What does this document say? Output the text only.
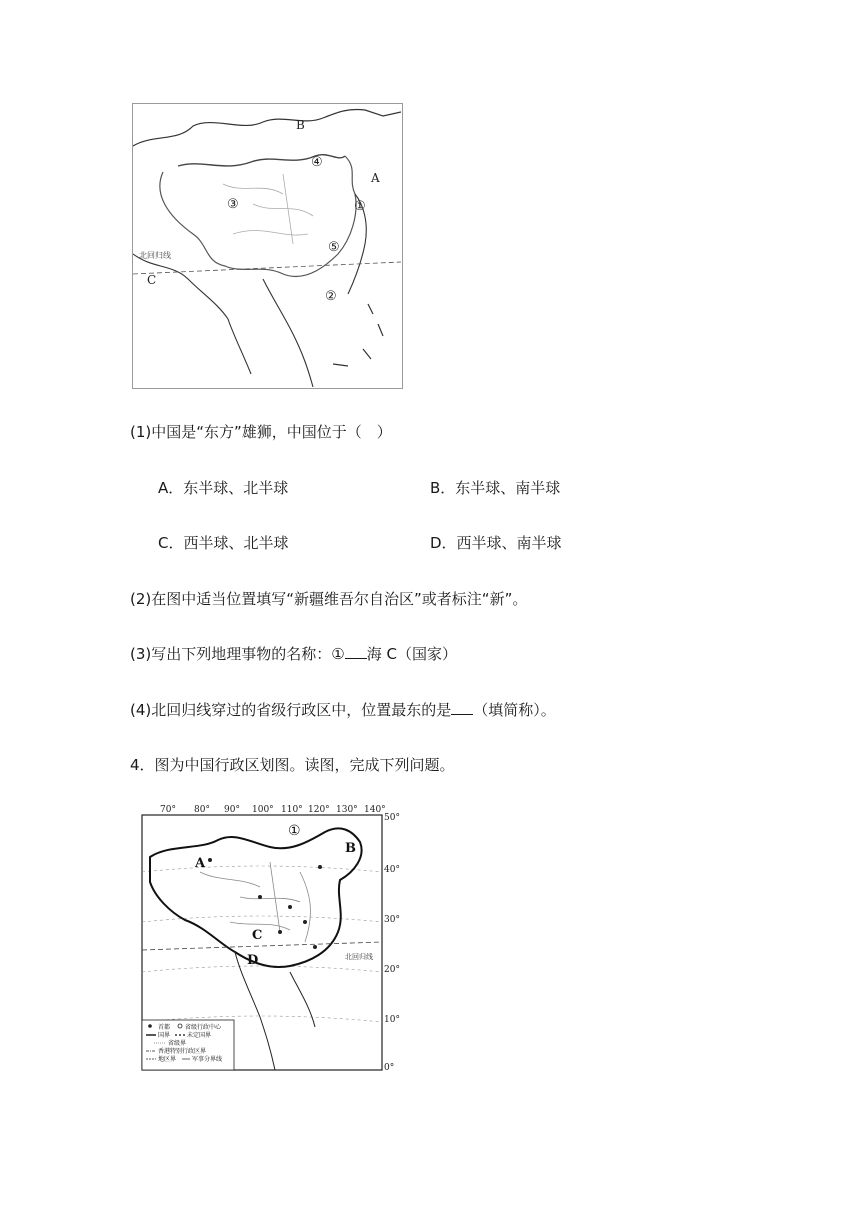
北回归线
B
A
C
④
③	①
⑤
②
(1)中国是“东方”雄狮，中国位于（　）
A．东半球、北半球	B．东半球、南半球
C．西半球、北半球	D．西半球、南半球
(2)在图中适当位置填写“新疆维吾尔自治区”或者标注“新”。
(3)写出下列地理事物的名称：① 海 C（国家）
(4)北回归线穿过的省级行政区中，位置最东的是 （填简称）。
4．图为中国行政区划图。读图，完成下列问题。
70° 80° 90° 100° 110° 120° 130° 140°
50°
40°
30°
20°
10°
0°
北回归线
①
A
B
C
D
首都 省级行政中心
国界	未定国界
省级界
香港特别行政区界
地区界	军事分界线
